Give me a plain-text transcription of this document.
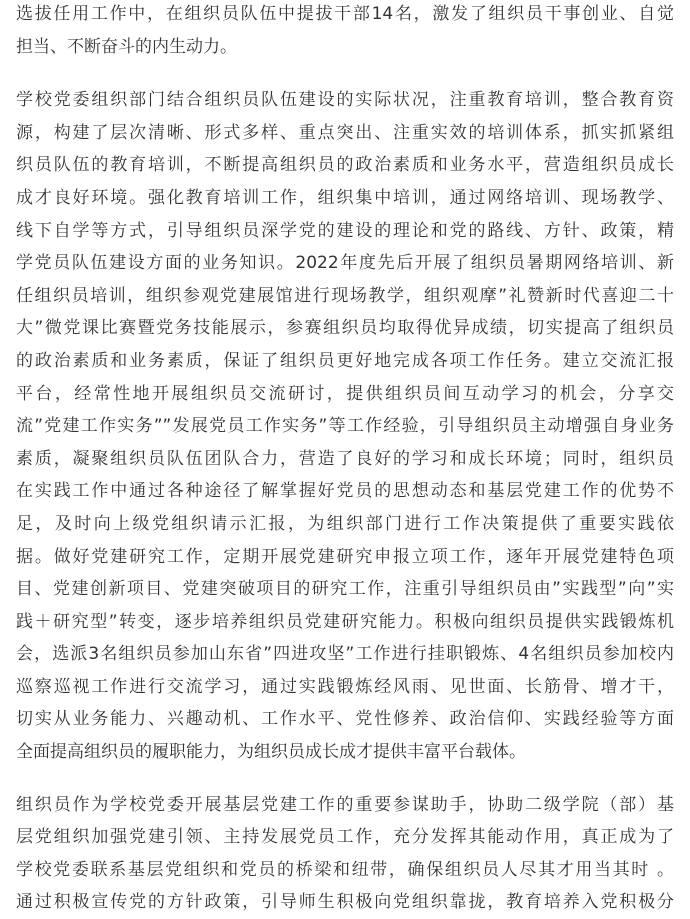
选拔任用工作中，在组织员队伍中提拔干部14名，激发了组织员干事创业、自觉
担当、不断奋斗的内生动力。
学校党委组织部门结合组织员队伍建设的实际状况，注重教育培训，整合教育资
源，构建了层次清晰、形式多样、重点突出、注重实效的培训体系，抓实抓紧组
织员队伍的教育培训，不断提高组织员的政治素质和业务水平，营造组织员成长
成才良好环境。强化教育培训工作，组织集中培训，通过网络培训、现场教学、
线下自学等方式，引导组织员深学党的建设的理论和党的路线、方针、政策，精
学党员队伍建设方面的业务知识。2022年度先后开展了组织员暑期网络培训、新
任组织员培训，组织参观党建展馆进行现场教学，组织观摩”礼赞新时代喜迎二十
大”微党课比赛暨党务技能展示，参赛组织员均取得优异成绩，切实提高了组织员
的政治素质和业务素质，保证了组织员更好地完成各项工作任务。建立交流汇报
平台，经常性地开展组织员交流研讨，提供组织员间互动学习的机会，分享交
流”党建工作实务””发展党员工作实务”等工作经验，引导组织员主动增强自身业务
素质，凝聚组织员队伍团队合力，营造了良好的学习和成长环境；同时，组织员
在实践工作中通过各种途径了解掌握好党员的思想动态和基层党建工作的优势不
足，及时向上级党组织请示汇报，为组织部门进行工作决策提供了重要实践依
据。做好党建研究工作，定期开展党建研究申报立项工作，逐年开展党建特色项
目、党建创新项目、党建突破项目的研究工作，注重引导组织员由”实践型”向”实
践＋研究型”转变，逐步培养组织员党建研究能力。积极向组织员提供实践锻炼机
会，选派3名组织员参加山东省”四进攻坚”工作进行挂职锻炼、4名组织员参加校内
巡察巡视工作进行交流学习，通过实践锻炼经风雨、见世面、长筋骨、增才干，
切实从业务能力、兴趣动机、工作水平、党性修养、政治信仰、实践经验等方面
全面提高组织员的履职能力，为组织员成长成才提供丰富平台载体。
组织员作为学校党委开展基层党建工作的重要参谋助手，协助二级学院（部）基
层党组织加强党建引领、主持发展党员工作，充分发挥其能动作用，真正成为了
学校党委联系基层党组织和党员的桥梁和纽带，确保组织员人尽其才用当其时 。
通过积极宣传党的方针政策，引导师生积极向党组织靠拢，教育培养入党积极分
